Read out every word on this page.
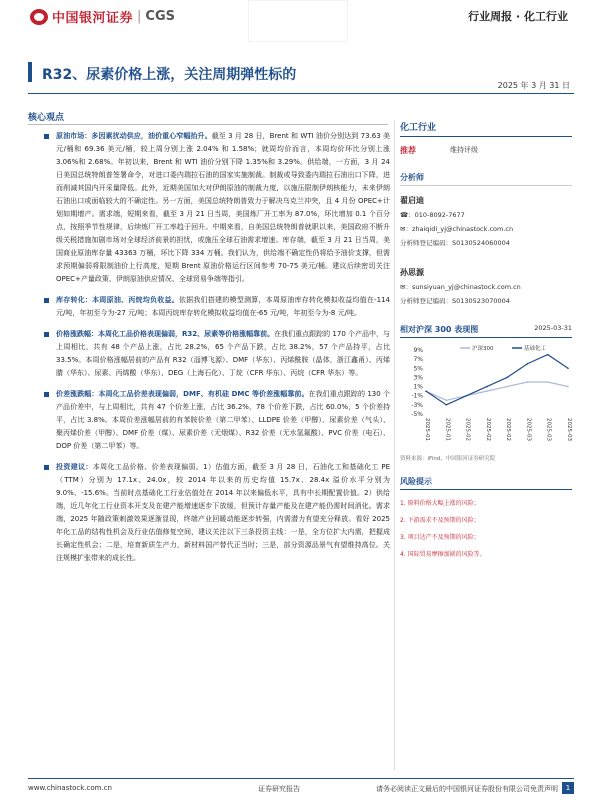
中国银河证券 | CGS	行业周报 · 化工行业
R32、尿素价格上涨，关注周期弹性标的
2025 年 3 月 31 日
核心观点
原油市场：多因素扰动供应，油价重心窄幅抬升。截至 3 月 28 日，Brent 和 WTI 油价分别达到 73.63 美元/桶和 69.36 美元/桶，较上周分别上涨 2.04% 和 1.58%；就周均价而言，本周均价环比分别上涨 3.06%和 2.68%。年初以来，Brent 和 WTI 油价分别下降 1.35%和 3.29%。供给端，一方面，3 月 24 日美国总统特朗普签署命令，对进口委内瑞拉石油的国家实施制裁。制裁或导致委内瑞拉石油出口下降，进而削减其国内开采量降低。此外，近期美国加大对伊朗原油的制裁力度，以施压限制伊朗核能力，未来伊朗石油出口或面临较大的不确定性。另一方面，美国总统特朗普致力于解决乌克兰冲突，且 4 月份 OPEC+计划如期增产。需求端，短期来看，截至 3 月 21 日当周，美国炼厂开工率为 87.0%，环比增加 0.1 个百分点，按照季节性规律，后续炼厂开工率趋于回升。中期来看，自美国总统特朗普就职以来，美国政府不断升级关税措施加剧市场对全球经济前景的担忧，或施压全球石油需求增速。库存端，截至 3 月 21 日当周，美国商业原油库存量 43363 万桶，环比下降 334 万桶。我们认为，供给端不确定性仍将给予油价支撑，但需求预期偏弱将限制油价上行高度，短期 Brent 原油价格运行区间参考 70-75 美元/桶。建议后续密切关注 OPEC+产量政策、伊朗原油供应情况、全球贸易争端等指引。
库存转化：本周原油、丙烷均负收益。依据我们搭建的模型测算，本周原油库存转化模拟收益均值在-114 元/吨，年初至今为-27 元/吨；本周丙烷库存转化模拟收益均值在-65 元/吨，年初至今为-8 元/吨。
价格涨跌幅：本周化工品价格表现偏弱，R32、尿素等价格涨幅靠前。在我们重点跟踪的 170 个产品中，与上周相比，共有 48 个产品上涨，占比 28.2%，65 个产品下跌，占比 38.2%，57 个产品持平，占比 33.5%。本周价格涨幅居前的产品有 R32（淄博飞源）、DMF（华东）、丙烯酰胺（晶体，浙江鑫甬）、丙烯腈（华东）、尿素、丙烯酸（华东）、DEG（上海石化）、丁烷（CFR 华东）、丙烷（CFR 华东）等。
价差涨跌幅：本周化工品价差表现偏弱，DMF、有机硅 DMC 等价差涨幅靠前。在我们重点跟踪的 130 个产品价差中，与上周相比，共有 47 个价差上涨，占比 36.2%，78 个价差下跌，占比 60.0%，5 个价差持平，占比 3.8%。本周价差涨幅居前的有苯胺价差（第二甲苯）、LLDPE 价差（甲醇）、尿素价差（气头）、聚丙烯价差（甲醇）、DMF 价差（煤）、尿素价差（无烟煤）、R32 价差（无水氢氟酸）、PVC 价差（电石）、DOP 价差（第二甲苯）等。
投资建议：本周化工品价格、价差表现偏弱。1）估值方面，截至 3 月 28 日，石油化工和基础化工 PE（TTM）分别为 17.1x、24.0x，较 2014 年以来的历史均值 15.7x、28.4x 溢价水平分别为 9.0%、-15.6%。当前时点基础化工行业估值处在 2014 年以来偏低水平，具有中长期配置价值。2）供给端，近几年化工行业资本开支及在建产能增速逐步下放缓，但预计存量产能及在建产能仍需时间消化。需求端，2025 年随政策刺激效果逐渐显现，终端产业回暖动能逐步转强，内需潜力有望充分释放。看好 2025 年化工品的结构性机会及行业估值修复空间，建议关注以下三条投资主线：一是，全方位扩大内需，把握成长确定性机会；二是，培育新质生产力，新材料国产替代正当时；三是，部分资源品景气有望维持高位。关注规模扩张带来的成长性。
化工行业
推荐	维持评级
分析师
翟启迪
☎：010-8092-7677
✉：zhaiqidi_yj@chinastock.com.cn
分析师登记编码：S0130524060004
孙思源
✉：sunsiyuan_yj@chinastock.com.cn
分析师登记编码：S0130523070004
相对沪深 300 表现图	2025-03-31
9%
7%
5%
3%
1%
-1%
-3%
-5%
2025-01	2025-01	2025-02	2025-02	2025-02	2025-03	2025-03	2025-03
沪深300	基础化工
资料来源：iFind、中国银河证券研究院
风险提示
1. 原料价格大幅上涨的风险；
2. 下游需求不及预期的风险；
3. 项目达产不及预期的风险；
4. 国际贸易摩擦加剧的风险等。
www.chinastock.com.cn	证券研究报告	请务必阅读正文最后的中国银河证券股份有限公司免责声明	1
